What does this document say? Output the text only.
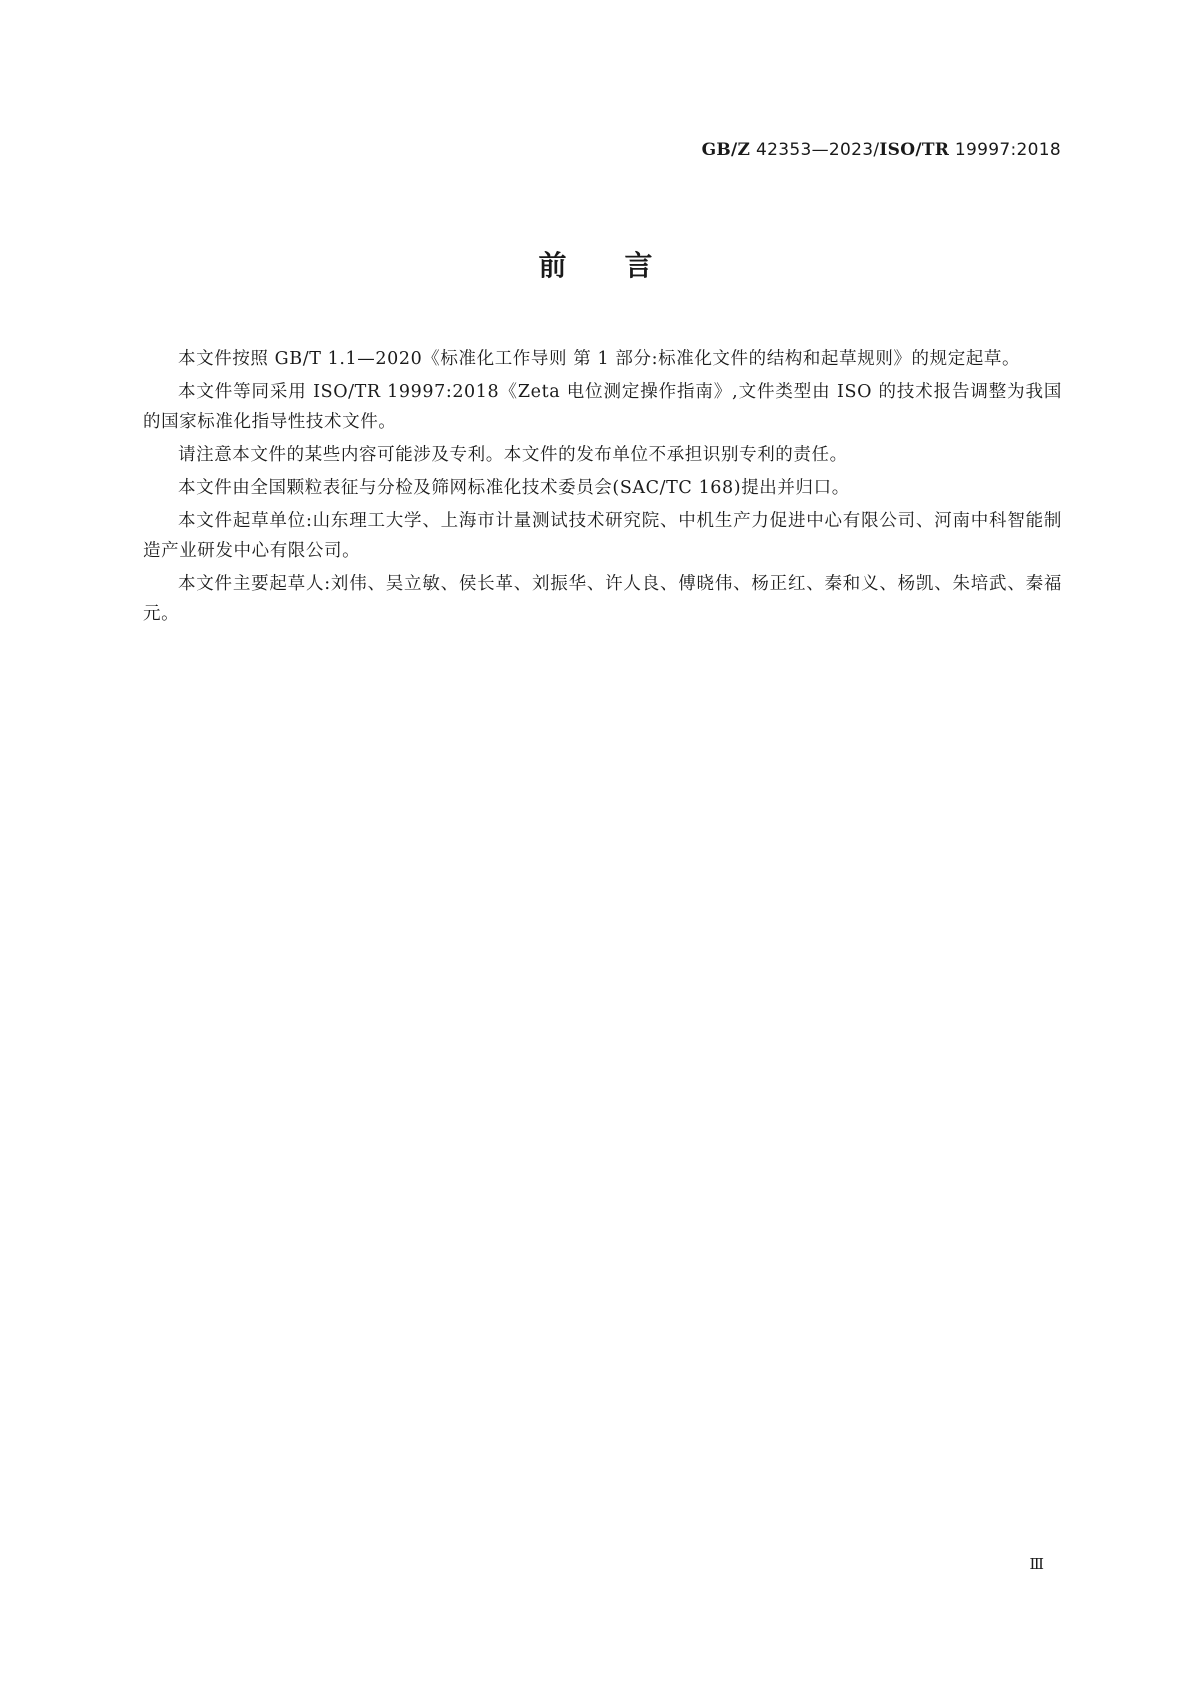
GB/Z 42353—2023/ISO/TR 19997:2018
前言

本文件按照 GB/T 1.1—2020《标准化工作导则 第 1 部分:标准化文件的结构和起草规则》的规定起草。

本文件等同采用 ISO/TR 19997:2018《Zeta 电位测定操作指南》,文件类型由 ISO 的技术报告调整为我国的国家标准化指导性技术文件。

请注意本文件的某些内容可能涉及专利。本文件的发布单位不承担识别专利的责任。

本文件由全国颗粒表征与分检及筛网标准化技术委员会(SAC/TC 168)提出并归口。

本文件起草单位:山东理工大学、上海市计量测试技术研究院、中机生产力促进中心有限公司、河南中科智能制造产业研发中心有限公司。

本文件主要起草人:刘伟、吴立敏、侯长革、刘振华、许人良、傅晓伟、杨正红、秦和义、杨凯、朱培武、秦福元。

Ⅲ
